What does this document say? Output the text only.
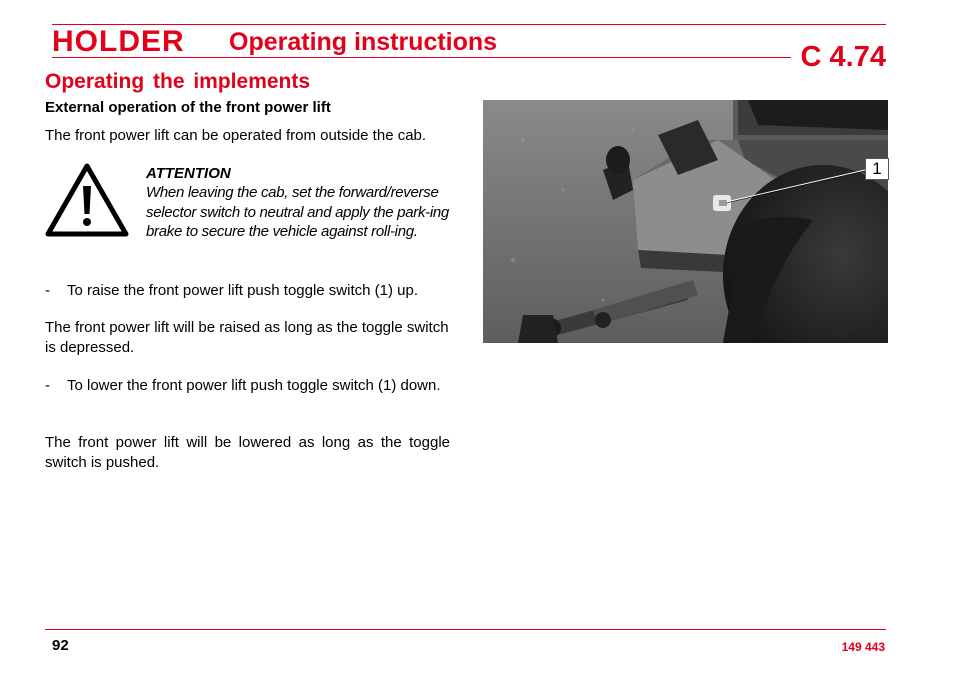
HOLDER Operating instructions	C 4.74
Operating the implements
External operation of the front power lift
The front power lift can be operated from outside the cab.
ATTENTION
When leaving the cab, set the forward/reverse selector switch to neutral and apply the park-ing brake to secure the vehicle against roll-ing.
- To raise the front power lift push toggle switch (1) up.
The front power lift will be raised as long as the toggle switch is depressed.
- To lower the front power lift push toggle switch (1) down.
The front power lift will be lowered as long as the toggle switch is pushed.
1
Bild_C181
92	149 443
